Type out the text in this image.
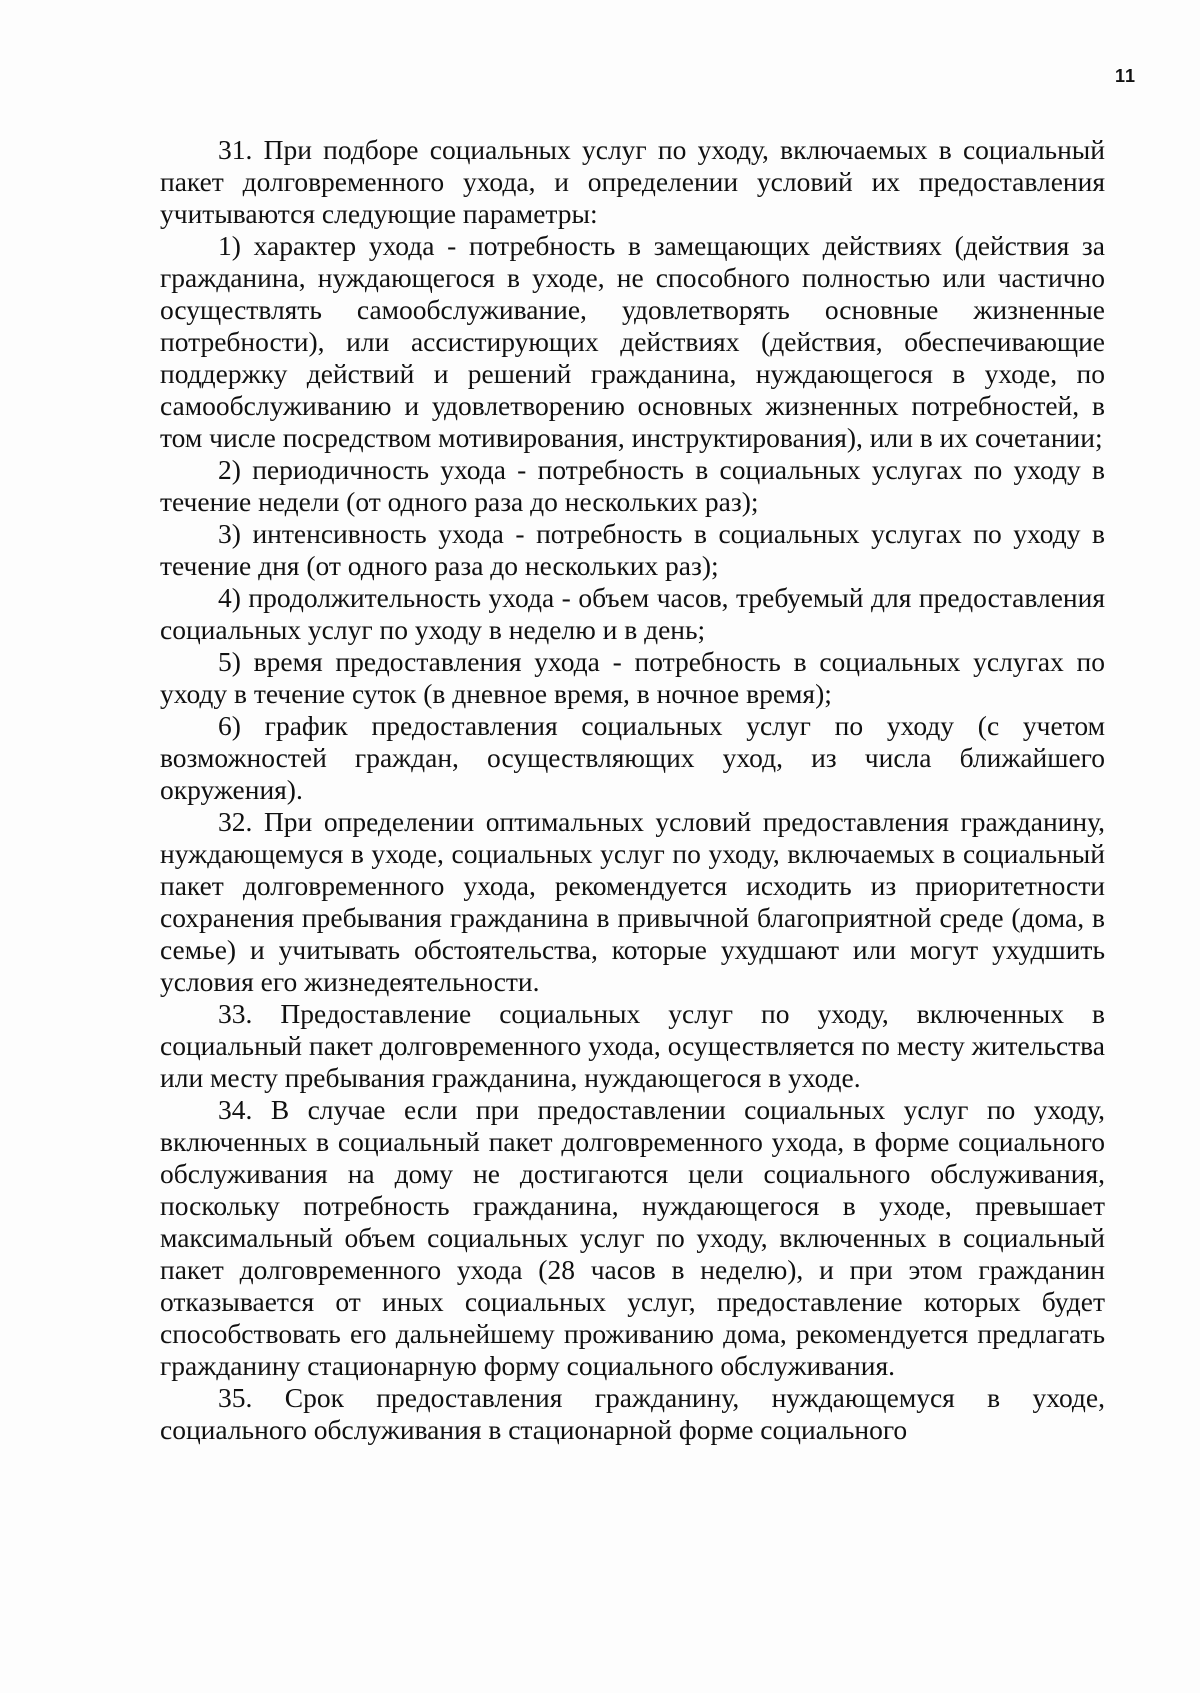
11

31. При подборе социальных услуг по уходу, включаемых в социальный пакет долговременного ухода, и определении условий их предоставления учитываются следующие параметры:

1) характер ухода - потребность в замещающих действиях (действия за гражданина, нуждающегося в уходе, не способного полностью или частично осуществлять самообслуживание, удовлетворять основные жизненные потребности), или ассистирующих действиях (действия, обеспечивающие поддержку действий и решений гражданина, нуждающегося в уходе, по самообслуживанию и удовлетворению основных жизненных потребностей, в том числе посредством мотивирования, инструктирования), или в их сочетании;

2) периодичность ухода - потребность в социальных услугах по уходу в течение недели (от одного раза до нескольких раз);

3) интенсивность ухода - потребность в социальных услугах по уходу в течение дня (от одного раза до нескольких раз);

4) продолжительность ухода - объем часов, требуемый для предоставления социальных услуг по уходу в неделю и в день;

5) время предоставления ухода - потребность в социальных услугах по уходу в течение суток (в дневное время, в ночное время);

6) график предоставления социальных услуг по уходу (с учетом возможностей граждан, осуществляющих уход, из числа ближайшего окружения).

32. При определении оптимальных условий предоставления гражданину, нуждающемуся в уходе, социальных услуг по уходу, включаемых в социальный пакет долговременного ухода, рекомендуется исходить из приоритетности сохранения пребывания гражданина в привычной благоприятной среде (дома, в семье) и учитывать обстоятельства, которые ухудшают или могут ухудшить условия его жизнедеятельности.

33. Предоставление социальных услуг по уходу, включенных в социальный пакет долговременного ухода, осуществляется по месту жительства или месту пребывания гражданина, нуждающегося в уходе.

34. В случае если при предоставлении социальных услуг по уходу, включенных в социальный пакет долговременного ухода, в форме социального обслуживания на дому не достигаются цели социального обслуживания, поскольку потребность гражданина, нуждающегося в уходе, превышает максимальный объем социальных услуг по уходу, включенных в социальный пакет долговременного ухода (28 часов в неделю), и при этом гражданин отказывается от иных социальных услуг, предоставление которых будет способствовать его дальнейшему проживанию дома, рекомендуется предлагать гражданину стационарную форму социального обслуживания.

35. Срок предоставления гражданину, нуждающемуся в уходе, социального обслуживания в стационарной форме социального
